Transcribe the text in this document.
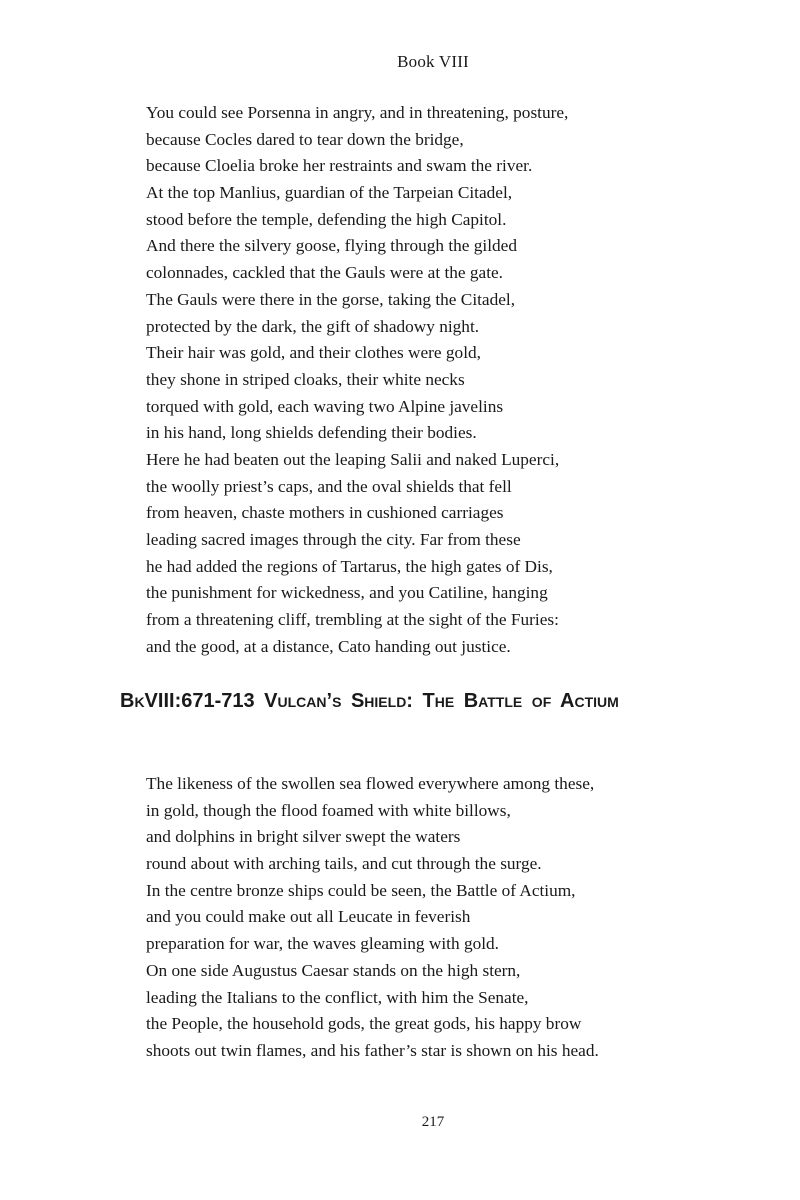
Book VIII
You could see Porsenna in angry, and in threatening, posture,
because Cocles dared to tear down the bridge,
because Cloelia broke her restraints and swam the river.
At the top Manlius, guardian of the Tarpeian Citadel,
stood before the temple, defending the high Capitol.
And there the silvery goose, flying through the gilded
colonnades, cackled that the Gauls were at the gate.
The Gauls were there in the gorse, taking the Citadel,
protected by the dark, the gift of shadowy night.
Their hair was gold, and their clothes were gold,
they shone in striped cloaks, their white necks
torqued with gold, each waving two Alpine javelins
in his hand, long shields defending their bodies.
Here he had beaten out the leaping Salii and naked Luperci,
the woolly priest’s caps, and the oval shields that fell
from heaven, chaste mothers in cushioned carriages
leading sacred images through the city. Far from these
he had added the regions of Tartarus, the high gates of Dis,
the punishment for wickedness, and you Catiline, hanging
from a threatening cliff, trembling at the sight of the Furies:
and the good, at a distance, Cato handing out justice.
BkVIII:671-713 Vulcan’s Shield: The Battle of Actium
The likeness of the swollen sea flowed everywhere among these,
in gold, though the flood foamed with white billows,
and dolphins in bright silver swept the waters
round about with arching tails, and cut through the surge.
In the centre bronze ships could be seen, the Battle of Actium,
and you could make out all Leucate in feverish
preparation for war, the waves gleaming with gold.
On one side Augustus Caesar stands on the high stern,
leading the Italians to the conflict, with him the Senate,
the People, the household gods, the great gods, his happy brow
shoots out twin flames, and his father’s star is shown on his head.
217
